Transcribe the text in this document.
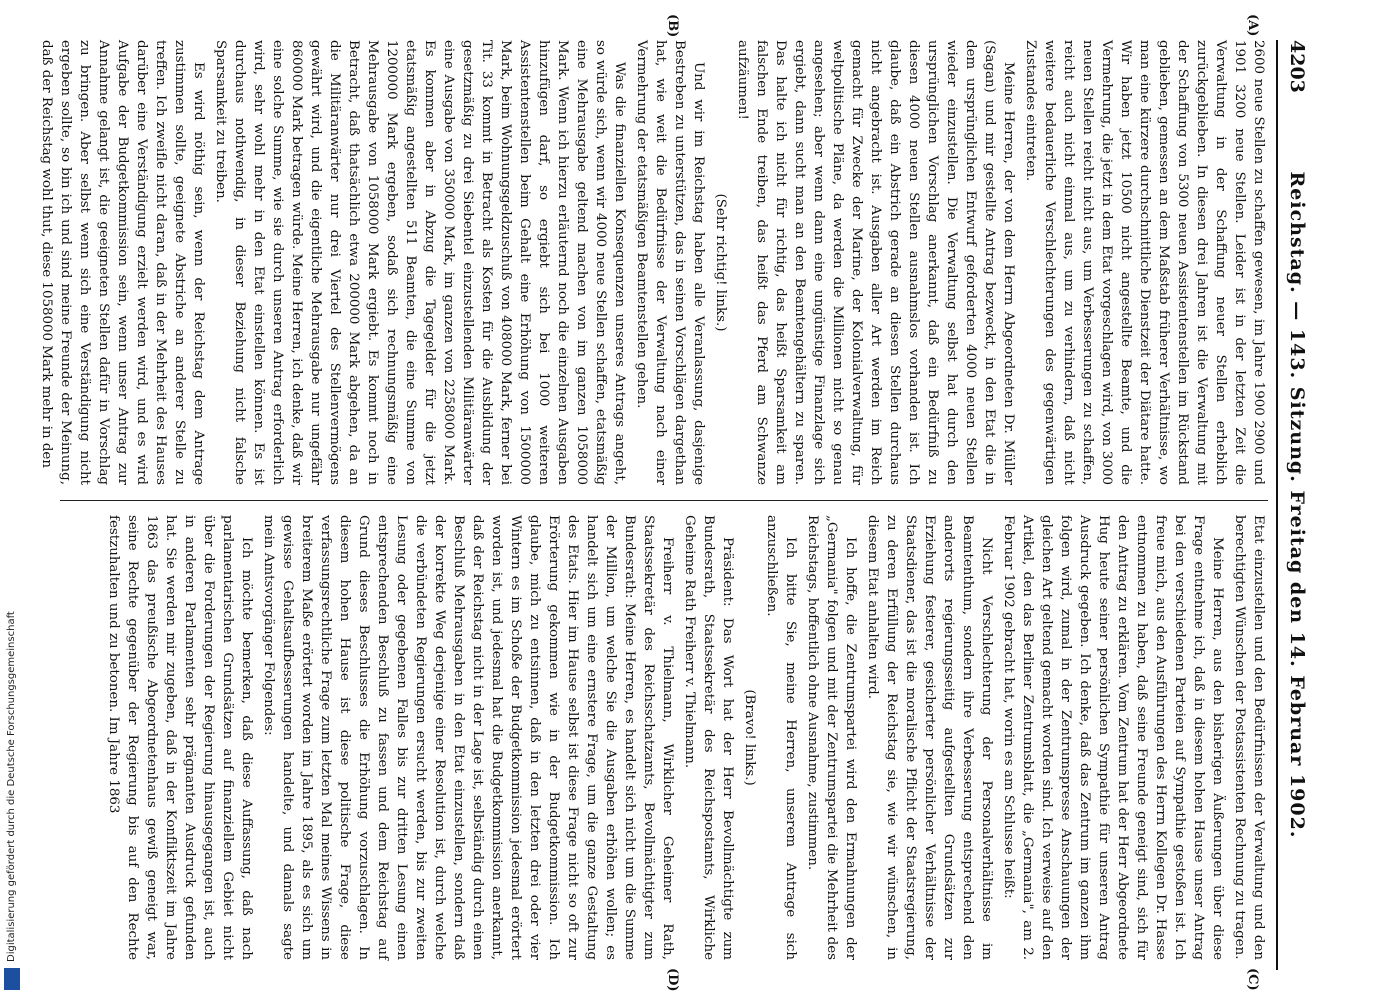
4203
Reichstag. — 143. Sitzung. Freitag den 14. Februar 1902.
(A)
(B)
(C)
(D)

2600 neue Stellen zu schaffen gewesen, im Jahre 1900 2900 und 1901 3200 neue Stellen. Leider ist in der letzten Zeit die Verwaltung in der Schaffung neuer Stellen erheblich zurückgeblieben. In diesen drei Jahren ist die Verwaltung mit der Schaffung von 5300 neuen Assistentenstellen im Rückstand geblieben, gemessen an dem Maßstab früherer Verhältnisse, wo man eine kürzere durchschnittliche Dienstzeit der Diätare hatte. Wir haben jetzt 10500 nicht angestellte Beamte, und die Vermehrung, die jetzt in dem Etat vorgeschlagen wird, von 3000 neuen Stellen reicht nicht aus, um Verbesserungen zu schaffen, reicht auch nicht einmal aus, um zu verhindern, daß nicht weitere bedauerliche Verschlechterungen des gegenwärtigen Zustandes eintreten.

Meine Herren, der von dem Herrn Abgeordneten Dr. Müller (Sagan) und mir gestellte Antrag bezweckt, in den Etat die in dem ursprünglichen Entwurf geforderten 4000 neuen Stellen wieder einzustellen. Die Verwaltung selbst hat durch den ursprünglichen Vorschlag anerkannt, daß ein Bedürfniß zu diesen 4000 neuen Stellen ausnahmslos vorhanden ist. Ich glaube, daß ein Abstrich gerade an diesen Stellen durchaus nicht angebracht ist. Ausgaben aller Art werden im Reich gemacht für Zwecke der Marine, der Kolonialverwaltung, für weltpolitische Pläne, da werden die Millionen nicht so genau angesehen; aber wenn dann eine ungünstige Finanzlage sich ergiebt, dann sucht man an den Beamtengehältern zu sparen. Das halte ich nicht für richtig, das heißt Sparsamkeit am falschen Ende treiben, das heißt das Pferd am Schwanze aufzäumen!

(Sehr richtig! links.)

Und wir im Reichstag haben alle Veranlassung, dasjenige Bestreben zu unterstützen, das in seinen Vorschlägen dargethan hat, wie weit die Bedürfnisse der Verwaltung nach einer Vermehrung der etatsmäßigen Beamtenstellen gehen.

Was die finanziellen Konsequenzen unseres Antrags angeht, so würde sich, wenn wir 4000 neue Stellen schaffen, etatsmäßig eine Mehrausgabe geltend machen von im ganzen 1058000 Mark. Wenn ich hierzu erläuternd noch die einzelnen Ausgaben hinzufügen darf, so ergiebt sich bei 1000 weiteren Assistentenstellen beim Gehalt eine Erhöhung von 1500000 Mark, beim Wohnungsgeldzuschuß von 408000 Mark, ferner bei Tit. 33 kommt in Betracht als Kosten für die Ausbildung der gesetzmäßig zu drei Siebentel einzustellenden Militäranwärter eine Ausgabe von 350000 Mark, im ganzen von 2258000 Mark. Es kommen aber in Abzug die Tagegelder für die jetzt etatsmäßig angestellten 511 Beamten, die eine Summe von 1200000 Mark ergeben, sodaß sich rechnungsmäßig eine Mehrausgabe von 1058000 Mark ergiebt. Es kommt noch in Betracht, daß thatsächlich etwa 200000 Mark abgehen, da an die Militäranwärter nur drei Viertel des Stellenvermögens gewährt wird, und die eigentliche Mehrausgabe nur ungefähr 860000 Mark betragen würde. Meine Herren, ich denke, daß wir eine solche Summe, wie sie durch unseren Antrag erforderlich wird, sehr wohl mehr in den Etat einstellen können. Es ist durchaus nothwendig, in dieser Beziehung nicht falsche Sparsamkeit zu treiben.

Es wird nöthig sein, wenn der Reichstag dem Antrage zustimmen sollte, geeignete Abstriche an anderer Stelle zu treffen. Ich zweifle nicht daran, daß in der Mehrheit des Hauses darüber eine Verständigung erzielt werden wird, und es wird Aufgabe der Budgetkommission sein, wenn unser Antrag zur Annahme gelangt ist, die geeigneten Stellen dafür in Vorschlag zu bringen. Aber selbst wenn sich eine Verständigung nicht ergeben sollte, so bin ich und sind meine Freunde der Meinung, daß der Reichstag wohl thut, diese 1058000 Mark mehr in den

Etat einzustellen und den Bedürfnissen der Verwaltung und den berechtigten Wünschen der Postassistenten Rechnung zu tragen.

Meine Herren, aus den bisherigen Äußerungen über diese Frage entnehme ich, daß in diesem hohen Hause unser Antrag bei den verschiedenen Parteien auf Sympathie gestoßen ist. Ich freue mich, aus den Ausführungen des Herrn Kollegen Dr. Hasse entnommen zu haben, daß seine Freunde geneigt sind, sich für den Antrag zu erklären. Vom Zentrum hat der Herr Abgeordnete Hug heute seiner persönlichen Sympathie für unseren Antrag Ausdruck gegeben. Ich denke, daß das Zentrum im ganzen ihm folgen wird, zumal in der Zentrumspresse Anschauungen der gleichen Art geltend gemacht worden sind. Ich verweise auf den Artikel, den das Berliner Zentrumsblatt, die „Germania", am 2. Februar 1902 gebracht hat, worin es am Schlusse heißt:

Nicht Verschlechterung der Personalverhältnisse im Beamtenthum, sondern ihre Verbesserung entsprechend den anderorts regierungsseitig aufgestellten Grundsätzen zur Erziehung festerer, gesicherter persönlicher Verhältnisse der Staatsdiener, das ist die moralische Pflicht der Staatsregierung, zu deren Erfüllung der Reichstag sie, wie wir wünschen, in diesem Etat anhalten wird.

Ich hoffe, die Zentrumspartei wird den Ermahnungen der „Germania" folgen und mit der Zentrumspartei die Mehrheit des Reichstags, hoffentlich ohne Ausnahme, zustimmen.

Ich bitte Sie, meine Herren, unserem Antrage sich anzuschließen.

(Bravo! links.)

Präsident: Das Wort hat der Herr Bevollmächtigte zum Bundesrath, Staatssekretär des Reichspostamts, Wirkliche Geheime Rath Freiherr v. Thielmann.

Freiherr v. Thielmann, Wirklicher Geheimer Rath, Staatssekretär des Reichsschatzamts, Bevollmächtigter zum Bundesrath: Meine Herren, es handelt sich nicht um die Summe der Million, um welche Sie die Ausgaben erhöhen wollen; es handelt sich um eine ernstere Frage, um die ganze Gestaltung des Etats. Hier im Hause selbst ist diese Frage nicht so oft zur Erörterung gekommen wie in der Budgetkommission. Ich glaube, mich zu entsinnen, daß in den letzten drei oder vier Wintern es im Schoße der Budgetkommission jedesmal erörtert worden ist, und jedesmal hat die Budgetkommission anerkannt, daß der Reichstag nicht in der Lage ist, selbständig durch einen Beschluß Mehrausgaben in den Etat einzustellen, sondern daß der korrekte Weg derjenige einer Resolution ist, durch welche die verbündeten Regierungen ersucht werden, bis zur zweiten Lesung oder gegebenen Falles bis zur dritten Lesung einen entsprechenden Beschluß zu fassen und dem Reichstag auf Grund dieses Beschlusses die Erhöhung vorzuschlagen. In diesem hohen Hause ist diese politische Frage, diese verfassungsrechtliche Frage zum letzten Mal meines Wissens in breiterem Maße erörtert worden im Jahre 1895, als es sich um gewisse Gehaltsaufbesserungen handelte, und damals sagte mein Amtsvorgänger Folgendes:

Ich möchte bemerken, daß diese Auffassung, daß nach parlamentarischen Grundsätzen auf finanziellem Gebiet nicht über die Forderungen der Regierung hinausgegangen ist, auch in anderen Parlamenten sehr prägnanten Ausdruck gefunden hat. Sie werden mir zugeben, daß in der Konfliktszeit im Jahre 1863 das preußische Abgeordnetenhaus gewiß geneigt war, seine Rechte gegenüber der Regierung bis auf den Rechte festzuhalten und zu betonen. Im Jahre 1863

Digitalisierung gefördert durch die Deutsche Forschungsgemeinschaft
